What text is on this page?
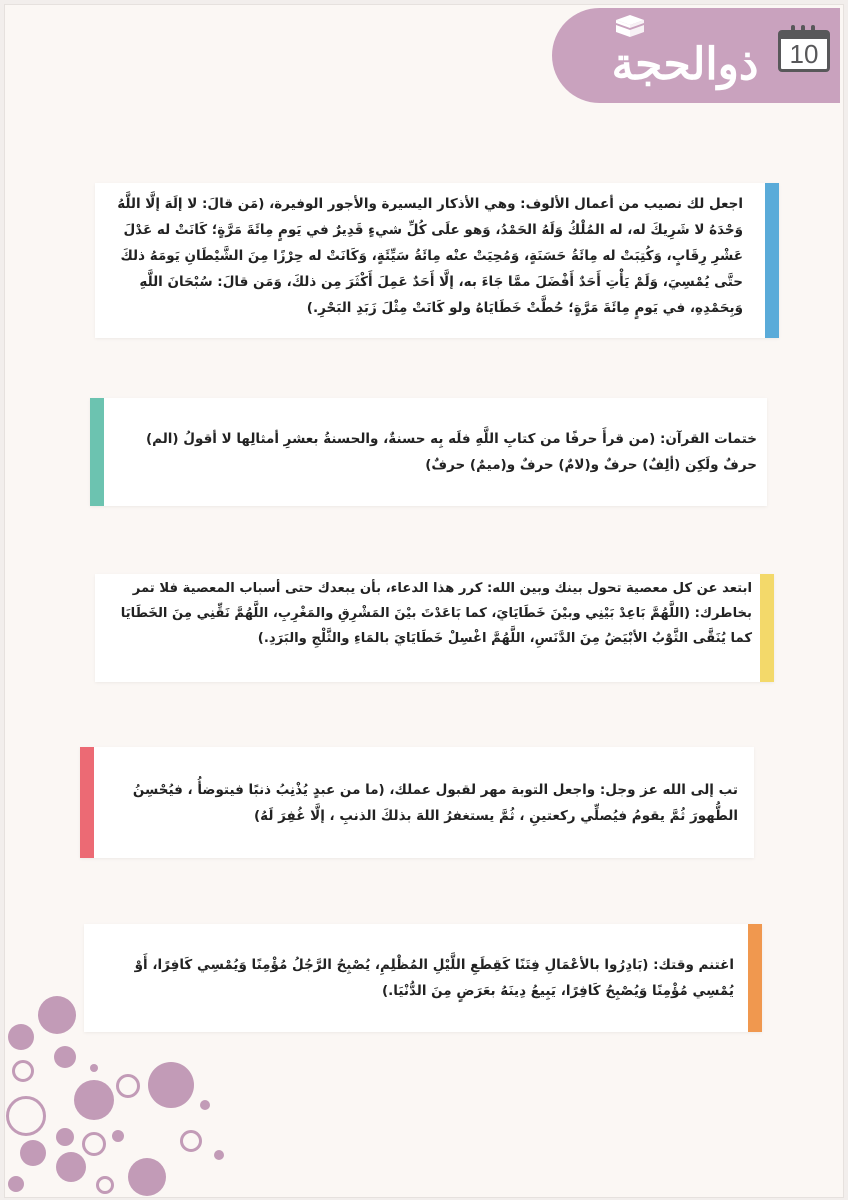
ذوالحجة	10
اجعل لك نصيب من أعمال الألوف: وهي الأذكار اليسيرة والأجور الوفيرة، (مَن قالَ: لا إلَهَ إلَّا اللَّهُ وَحْدَهُ لا شَرِيكَ له، له المُلْكُ وَلَهُ الحَمْدُ، وَهو علَى كُلِّ شيءٍ قَدِيرٌ في يَومٍ مِائَةَ مَرَّةٍ؛ كَانَتْ له عَدْلَ عَشْرِ رِقَابٍ، وَكُتِبَتْ له مِائَةُ حَسَنَةٍ، وَمُحِيَتْ عنْه مِائَةُ سَيِّئَةٍ، وَكَانَتْ له حِرْزًا مِنَ الشَّيْطَانِ يَومَهُ ذلكَ حتَّى يُمْسِيَ، وَلَمْ يَأْتِ أَحَدٌ أَفْضَلَ ممَّا جَاءَ به، إلَّا أَحَدٌ عَمِلَ أَكْثَرَ مِن ذلكَ، وَمَن قالَ: سُبْحَانَ اللَّهِ وَبِحَمْدِهِ، في يَومٍ مِائَةَ مَرَّةٍ؛ حُطَّتْ خَطَايَاهُ ولو كَانَتْ مِثْلَ زَبَدِ البَحْرِ.)
ختمات القرآن: (من قرأَ حرفًا من كتابِ اللَّهِ فلَه بِه حسنةٌ، والحسنةُ بعشرِ أمثالِها لا أقولُ (الم) حرفٌ ولَكِن (ألِفٌ) حرفٌ و(لامٌ) حرفٌ و(ميمٌ) حرفٌ)
ابتعد عن كل معصية تحول بينك وبين الله: كرر هذا الدعاء، بأن يبعدك حتى أسباب المعصية فلا تمر بخاطرك: (اللَّهُمَّ بَاعِدْ بَيْنِي وبيْنَ خَطَايَايَ، كما بَاعَدْتَ بيْنَ المَشْرِقِ والمَغْرِبِ، اللَّهُمَّ نَقِّنِي مِنَ الخَطَايَا كما يُنَقَّى الثَّوْبُ الأبْيَضُ مِنَ الدَّنَسِ، اللَّهُمَّ اغْسِلْ خَطَايَايَ بالمَاءِ والثَّلْجِ والبَرَدِ.)
تب إلى الله عز وجل: واجعل التوبة مهر لقبول عملك، (ما من عبدٍ يُذْنِبُ ذنبًا فيتوضأُ ، فيُحْسِنُ الطُّهورَ ثُمَّ يقومُ فيُصلِّي ركعتينِ ، ثُمَّ يستغفرُ اللهَ بذلكَ الذنبِ ، إلَّا غُفِرَ لَهُ)
اغتنم وقتك: (بَادِرُوا بالأعْمَالِ فِتَنًا كَقِطَعِ اللَّيْلِ المُظْلِمِ، يُصْبِحُ الرَّجُلُ مُؤْمِنًا وَيُمْسِي كَافِرًا، أَوْ يُمْسِي مُؤْمِنًا وَيُصْبِحُ كَافِرًا، يَبِيعُ دِينَهُ بعَرَضٍ مِنَ الدُّنْيَا.)
